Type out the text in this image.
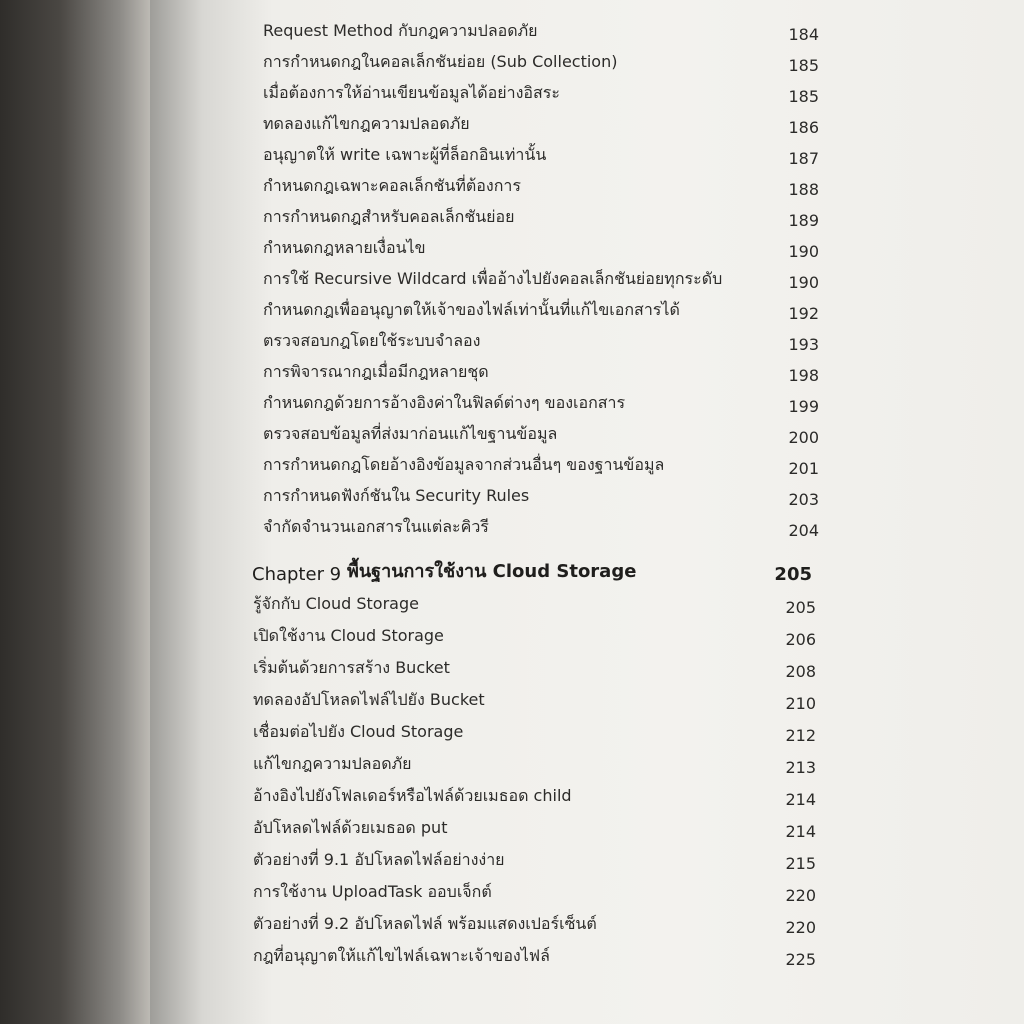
Request Method กับกฎความปลอดภัย	184
การกำหนดกฎในคอลเล็กชันย่อย (Sub Collection)	185
เมื่อต้องการให้อ่านเขียนข้อมูลได้อย่างอิสระ	185
ทดลองแก้ไขกฎความปลอดภัย	186
อนุญาตให้ write เฉพาะผู้ที่ล็อกอินเท่านั้น	187
กำหนดกฎเฉพาะคอลเล็กชันที่ต้องการ	188
การกำหนดกฎสำหรับคอลเล็กชันย่อย	189
กำหนดกฎหลายเงื่อนไข	190
การใช้ Recursive Wildcard เพื่ออ้างไปยังคอลเล็กชันย่อยทุกระดับ	190
กำหนดกฎเพื่ออนุญาตให้เจ้าของไฟล์เท่านั้นที่แก้ไขเอกสารได้	192
ตรวจสอบกฎโดยใช้ระบบจำลอง	193
การพิจารณากฎเมื่อมีกฎหลายชุด	198
กำหนดกฎด้วยการอ้างอิงค่าในฟิลด์ต่างๆ ของเอกสาร	199
ตรวจสอบข้อมูลที่ส่งมาก่อนแก้ไขฐานข้อมูล	200
การกำหนดกฎโดยอ้างอิงข้อมูลจากส่วนอื่นๆ ของฐานข้อมูล	201
การกำหนดฟังก์ชันใน Security Rules	203
จำกัดจำนวนเอกสารในแต่ละคิวรี	204
Chapter 9 พื้นฐานการใช้งาน Cloud Storage	205
รู้จักกับ Cloud Storage	205
เปิดใช้งาน Cloud Storage	206
เริ่มต้นด้วยการสร้าง Bucket	208
ทดลองอัปโหลดไฟล์ไปยัง Bucket	210
เชื่อมต่อไปยัง Cloud Storage	212
แก้ไขกฎความปลอดภัย	213
อ้างอิงไปยังโฟลเดอร์หรือไฟล์ด้วยเมธอด child	214
อัปโหลดไฟล์ด้วยเมธอด put	214
ตัวอย่างที่ 9.1 อัปโหลดไฟล์อย่างง่าย	215
การใช้งาน UploadTask ออบเจ็กต์	220
ตัวอย่างที่ 9.2 อัปโหลดไฟล์ พร้อมแสดงเปอร์เซ็นต์	220
กฎที่อนุญาตให้แก้ไขไฟล์เฉพาะเจ้าของไฟล์	225
